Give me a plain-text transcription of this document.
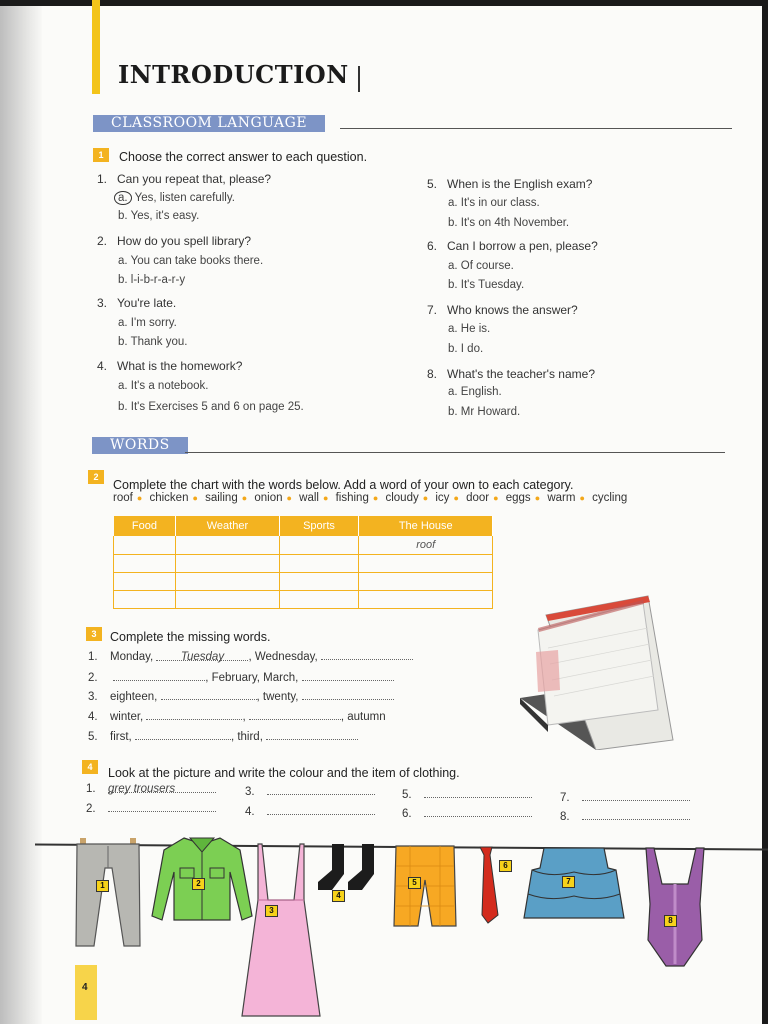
INTRODUCTION
CLASSROOM LANGUAGE
1	Choose the correct answer to each question.
1. Can you repeat that, please?
a. Yes, listen carefully.
b. Yes, it's easy.
2. How do you spell library?
a. You can take books there.
b. l-i-b-r-a-r-y
3. You're late.
a. I'm sorry.
b. Thank you.
4. What is the homework?
a. It's a notebook.
b. It's Exercises 5 and 6 on page 25.
5. When is the English exam?
a. It's in our class.
b. It's on 4th November.
6. Can I borrow a pen, please?
a. Of course.
b. It's Tuesday.
7. Who knows the answer?
a. He is.
b. I do.
8. What's the teacher's name?
a. English.
b. Mr Howard.
WORDS
2
Complete the chart with the words below. Add a word of your own to each category.
roof ● chicken ● sailing ● onion ● wall ● fishing ● cloudy ● icy ● door ● eggs ● warm ● cycling
Food	Weather	Sports	The House
			roof

3	Complete the missing words.
1. Monday, Tuesday , Wednesday,
2.	, February, March,
3. eighteen,	, twenty,
4. winter,	,	, autumn
5. first,	, third,
4	Look at the picture and write the colour and the item of clothing.
1. grey trousers
2.
3.
4.
5.
6.
7.
8.
1	2
3
4
5
6
7
8
4
